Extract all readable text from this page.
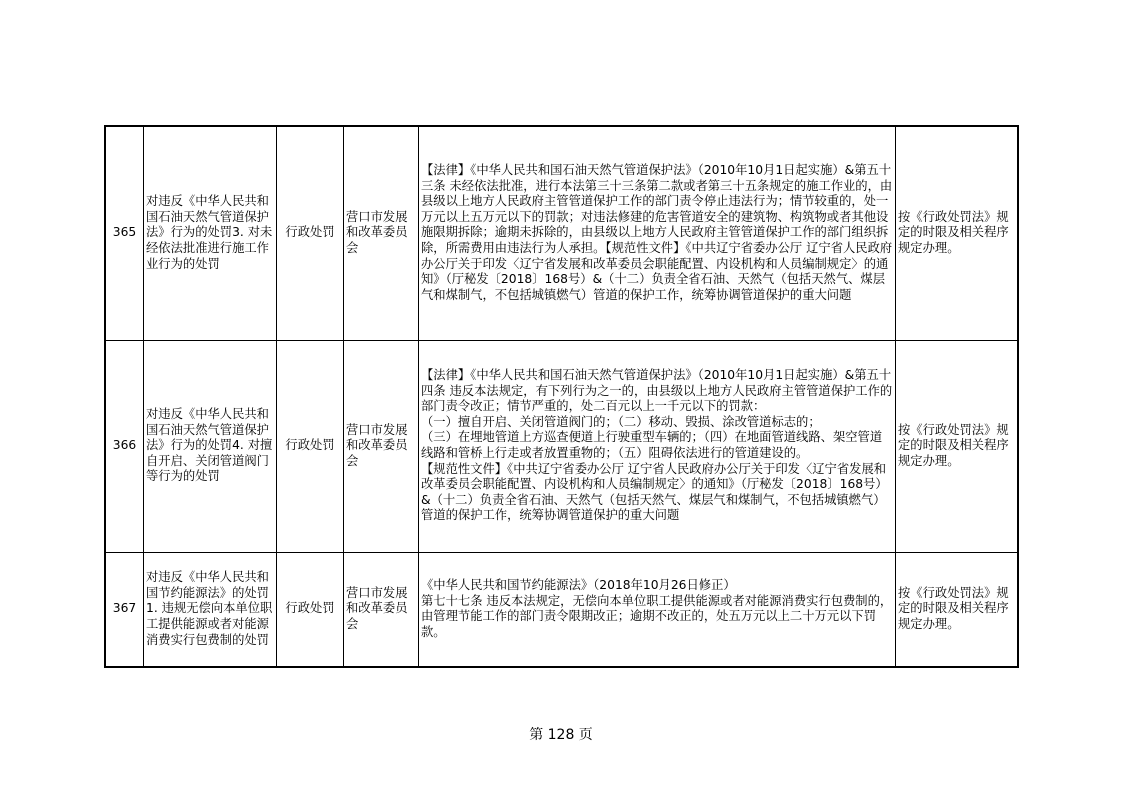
365	对违反《中华人民共和国石油天然气管道保护法》行为的处罚3. 对未经依法批准进行施工作业行为的处罚	行政处罚	营口市发展和改革委员会	【法律】《中华人民共和国石油天然气管道保护法》（2010年10月1日起实施）&第五十三条 未经依法批准，进行本法第三十三条第二款或者第三十五条规定的施工作业的，由县级以上地方人民政府主管管道保护工作的部门责令停止违法行为；情节较重的，处一万元以上五万元以下的罚款；对违法修建的危害管道安全的建筑物、构筑物或者其他设施限期拆除；逾期未拆除的，由县级以上地方人民政府主管管道保护工作的部门组织拆除，所需费用由违法行为人承担。【规范性文件】《中共辽宁省委办公厅 辽宁省人民政府办公厅关于印发〈辽宁省发展和改革委员会职能配置、内设机构和人员编制规定〉的通知》（厅秘发〔2018〕168号）&（十二）负责全省石油、天然气（包括天然气、煤层气和煤制气，不包括城镇燃气）管道的保护工作，统筹协调管道保护的重大问题	按《行政处罚法》规定的时限及相关程序规定办理。
366	对违反《中华人民共和国石油天然气管道保护法》行为的处罚4. 对擅自开启、关闭管道阀门等行为的处罚	行政处罚	营口市发展和改革委员会	【法律】《中华人民共和国石油天然气管道保护法》（2010年10月1日起实施）&第五十四条 违反本法规定，有下列行为之一的，由县级以上地方人民政府主管管道保护工作的部门责令改正；情节严重的，处二百元以上一千元以下的罚款：
（一）擅自开启、关闭管道阀门的；（二）移动、毁损、涂改管道标志的；
（三）在埋地管道上方巡查便道上行驶重型车辆的；（四）在地面管道线路、架空管道线路和管桥上行走或者放置重物的；（五）阻碍依法进行的管道建设的。
【规范性文件】《中共辽宁省委办公厅 辽宁省人民政府办公厅关于印发〈辽宁省发展和改革委员会职能配置、内设机构和人员编制规定〉的通知》（厅秘发〔2018〕168号）&（十二）负责全省石油、天然气（包括天然气、煤层气和煤制气，不包括城镇燃气）管道的保护工作，统筹协调管道保护的重大问题	按《行政处罚法》规定的时限及相关程序规定办理。
367	对违反《中华人民共和国节约能源法》的处罚
1. 违规无偿向本单位职工提供能源或者对能源消费实行包费制的处罚	行政处罚	营口市发展和改革委员会	《中华人民共和国节约能源法》（2018年10月26日修正）
第七十七条 违反本法规定，无偿向本单位职工提供能源或者对能源消费实行包费制的，由管理节能工作的部门责令限期改正；逾期不改正的，处五万元以上二十万元以下罚款。	按《行政处罚法》规定的时限及相关程序规定办理。
第 128 页
